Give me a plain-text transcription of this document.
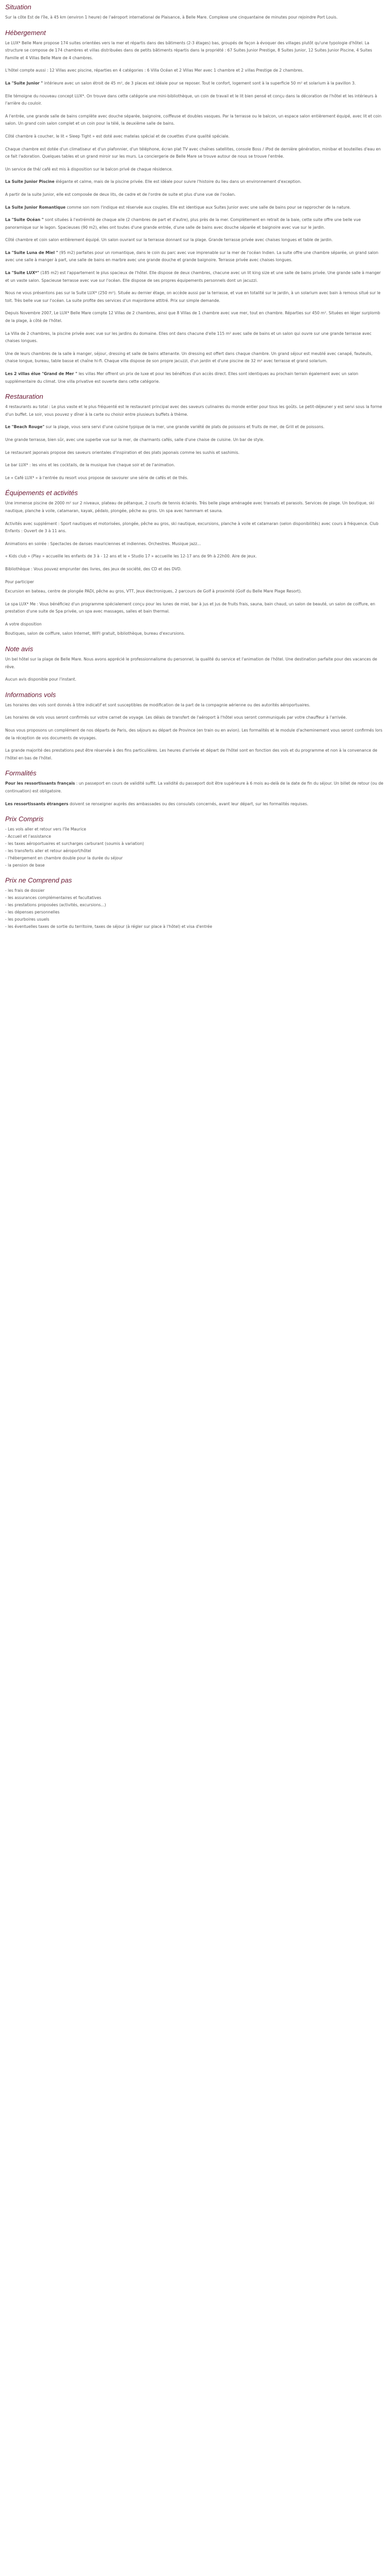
Situation

Sur la côte Est de l'île, à 45 km (environ 1 heure) de l'aéroport international de Plaisance, à Belle Mare. Complexe une cinquantaine de minutes pour rejoindre Port Louis.

Hébergement

Le LUX* Belle Mare propose 174 suites orientées vers la mer et répartis dans des bâtiments (2-3 étages) bas, groupés de façon à évoquer des villages plutôt qu'une typologie d'hôtel. La structure se compose de 174 chambres et villas distribuées dans de petits bâtiments répartis dans la propriété : 67 Suites Junior Prestige, 8 Suites Junior, 12 Suites Junior Piscine, 4 Suites Famille et 4 Villas Belle Mare de 4 chambres.

L'hôtel compte aussi : 12 Villas avec piscine, réparties en 4 catégories : 6 Villa Océan et 2 Villas Mer avec 1 chambre et 2 villas Prestige de 2 chambres.

La "Suite Junior " intérieure avec un salon étroit de 45 m², de 3 places est idéale pour se reposer. Tout le confort, logement sont à la superficie 50 m² et solarium à la pavillon 3.

Elle témoigne du nouveau concept LUX*. On trouve dans cette catégorie une mini-bibliothèque, un coin de travail et le lit bien pensé et conçu dans la décoration de l'hôtel et les intérieurs à l'arrière du couloir.

A l'entrée, une grande salle de bains complète avec douche séparée, baignoire, coiffeuse et doubles vasques. Par la terrasse ou le balcon, un espace salon entièrement équipé, avec lit et coin salon. Un grand coin salon complet et un coin pour la télé, la deuxième salle de bains.

Côté chambre à coucher, le lit « Sleep Tight » est doté avec matelas spécial et de couettes d'une qualité spéciale.

Chaque chambre est dotée d'un climatiseur et d'un plafonnier, d'un téléphone, écran plat TV avec chaînes satellites, console Boss / iPod de dernière génération, minibar et bouteilles d'eau en ce fait l'adoration. Quelques tables et un grand miroir sur les murs. La conciergerie de Belle Mare se trouve autour de nous se trouve l'entrée.

Un service de thé/ café est mis à disposition sur le balcon privé de chaque résidence.

La Suite Junior Piscine élégante et calme, mais de la piscine privée. Elle est idéale pour suivre l'histoire du lieu dans un environnement d'exception.

A partir de la suite Junior, elle est composée de deux lits, de cadre et de l'ordre de suite et plus d'une vue de l'océan.

La Suite Junior Romantique comme son nom l'indique est réservée aux couples. Elle est identique aux Suites Junior avec une salle de bains pour se rapprocher de la nature.

La "Suite Océan " sont situées à l'extrémité de chaque aile (2 chambres de part et d'autre), plus près de la mer. Complètement en retrait de la baie, cette suite offre une belle vue panoramique sur le lagon. Spacieuses (90 m2), elles ont toutes d'une grande entrée, d'une salle de bains avec douche séparée et baignoire avec vue sur le jardin.

Côté chambre et coin salon entièrement équipé. Un salon ouvrant sur la terrasse donnant sur la plage. Grande terrasse privée avec chaises longues et table de jardin.

La "Suite Luna de Miel " (95 m2) parfaites pour un romantique, dans le coin du parc avec vue imprenable sur la mer de l'océan Indien. La suite offre une chambre séparée, un grand salon avec une salle à manger à part, une salle de bains en marbre avec une grande douche et grande baignoire. Terrasse privée avec chaises longues.

La "Suite LUX*" (185 m2) est l'appartement le plus spacieux de l'hôtel. Elle dispose de deux chambres, chacune avec un lit king size et une salle de bains privée. Une grande salle à manger et un vaste salon. Spacieuse terrasse avec vue sur l'océan. Elle dispose de ses propres équipements personnels dont un jacuzzi.

Nous ne vous présentons pas sur la Suite LUX* (250 m²). Située au dernier étage, on accède aussi par la terrasse, et vue en totalité sur le jardin, à un solarium avec bain à remous situé sur le toit. Très belle vue sur l'océan. La suite profite des services d'un majordome attitré. Prix sur simple demande.

Depuis Novembre 2007, Le LUX* Belle Mare compte 12 Villas de 2 chambres, ainsi que 8 Villas de 1 chambre avec vue mer, tout en chambre. Réparties sur 450 m². Situées en léger surplomb de la plage, à côté de l'hôtel.

La Villa de 2 chambres, la piscine privée avec vue sur les jardins du domaine. Elles ont dans chacune d'elle 115 m² avec salle de bains et un salon qui ouvre sur une grande terrasse avec chaises longues.

Une de leurs chambres de la salle à manger, séjour, dressing et salle de bains attenante. Un dressing est offert dans chaque chambre. Un grand séjour est meublé avec canapé, fauteuils, chaise longue, bureau, table basse et chaîne hi-fi. Chaque villa dispose de son propre jacuzzi, d'un jardin et d'une piscine de 32 m² avec terrasse et grand solarium.

Les 2 villas élue "Grand de Mer " les villas Mer offrent un prix de luxe et pour les bénéfices d'un accès direct. Elles sont identiques au prochain terrain également avec un salon supplémentaire du climat. Une villa privative est ouverte dans cette catégorie.

Restauration

4 restaurants au total : Le plus vaste et le plus fréquenté est le restaurant principal avec des saveurs culinaires du monde entier pour tous les goûts. Le petit-déjeuner y est servi sous la forme d'un buffet. Le soir, vous pouvez y dîner à la carte ou choisir entre plusieurs buffets à thème.

Le "Beach Rouge" sur la plage, vous sera servi d'une cuisine typique de la mer, une grande variété de plats de poissons et fruits de mer, de Grill et de poissons.

Une grande terrasse, bien sûr, avec une superbe vue sur la mer, de charmants cafés, salle d'une chaise de cuisine. Un bar de style.

Le restaurant japonais propose des saveurs orientales d'inspiration et des plats japonais comme les sushis et sashimis.

Le bar LUX* : les vins et les cocktails, de la musique live chaque soir et de l'animation.

Le « Café LUX* » à l'entrée du resort vous propose de savourer une série de cafés et de thés.

Équipements et activités

Une immense piscine de 2000 m² sur 2 niveaux, plateau de pétanque, 2 courts de tennis éclairés. Très belle plage aménagée avec transats et parasols. Services de plage. Un boutique, ski nautique, planche à voile, catamaran, kayak, pédalo, plongée, pêche au gros. Un spa avec hammam et sauna.

Activités avec supplément : Sport nautiques et motorisées, plongée, pêche au gros, ski nautique, excursions, planche à voile et catamaran (selon disponibilités) avec cours à fréquence. Club Enfants : Ouvert de 3 à 11 ans.

Animations en soirée : Spectacles de danses mauriciennes et indiennes. Orchestres. Musique jazz...

« Kids club » (Play » accueille les enfants de 3 à - 12 ans et le « Studio 17 » accueille les 12-17 ans de 9h à 22h00. Aire de jeux.

Bibliothèque : Vous pouvez emprunter des livres, des jeux de société, des CD et des DVD.

Pour participer

Excursion en bateau, centre de plongée PADI, pêche au gros, VTT, Jeux électroniques, 2 parcours de Golf à proximité (Golf du Belle Mare Plage Resort).

Le spa LUX* Me : Vous bénéficiez d'un programme spécialement conçu pour les lunes de miel, bar à jus et jus de fruits frais, sauna, bain chaud, un salon de beauté, un salon de coiffure, en prestation d'une suite de Spa privée, un spa avec massages, salles et bain thermal.

A votre disposition

Boutiques, salon de coiffure, salon Internet, WIFI gratuit, bibliothèque, bureau d'excursions.

Note avis

Un bel hôtel sur la plage de Belle Mare. Nous avons apprécié le professionnalisme du personnel, la qualité du service et l'animation de l'hôtel. Une destination parfaite pour des vacances de rêve.

Aucun avis disponible pour l'instant.

Informations vols

Les horaires des vols sont donnés à titre indicatif et sont susceptibles de modification de la part de la compagnie aérienne ou des autorités aéroportuaires.

Les horaires de vols vous seront confirmés sur votre carnet de voyage. Les délais de transfert de l'aéroport à l'hôtel vous seront communiqués par votre chauffeur à l'arrivée.

Nous vous proposons un complément de nos départs de Paris, des séjours au départ de Province (en train ou en avion). Les formalités et le module d'acheminement vous seront confirmés lors de la réception de vos documents de voyages.

La grande majorité des prestations peut être réservée à des fins particulières. Les heures d'arrivée et départ de l'hôtel sont en fonction des vols et du programme et non à la convenance de l'hôtel en bas de l'hôtel.

Formalités

Pour les ressortissants français : un passeport en cours de validité suffit. La validité du passeport doit être supérieure à 6 mois au-delà de la date de fin du séjour. Un billet de retour (ou de continuation) est obligatoire.

Les ressortissants étrangers doivent se renseigner auprès des ambassades ou des consulats concernés, avant leur départ, sur les formalités requises.

Prix Compris
- Les vols aller et retour vers l'île Maurice
- Accueil et l'assistance
- les taxes aéroportuaires et surcharges carburant (soumis à variation)
- les transferts aller et retour aéroport/hôtel
- l'hébergement en chambre double pour la durée du séjour
- la pension de base
Prix ne Comprend pas
- les frais de dossier
- les assurances complémentaires et facultatives
- les prestations proposées (activités, excursions...)
- les dépenses personnelles
- les pourboires usuels
- les éventuelles taxes de sortie du territoire, taxes de séjour (à régler sur place à l'hôtel) et visa d'entrée
